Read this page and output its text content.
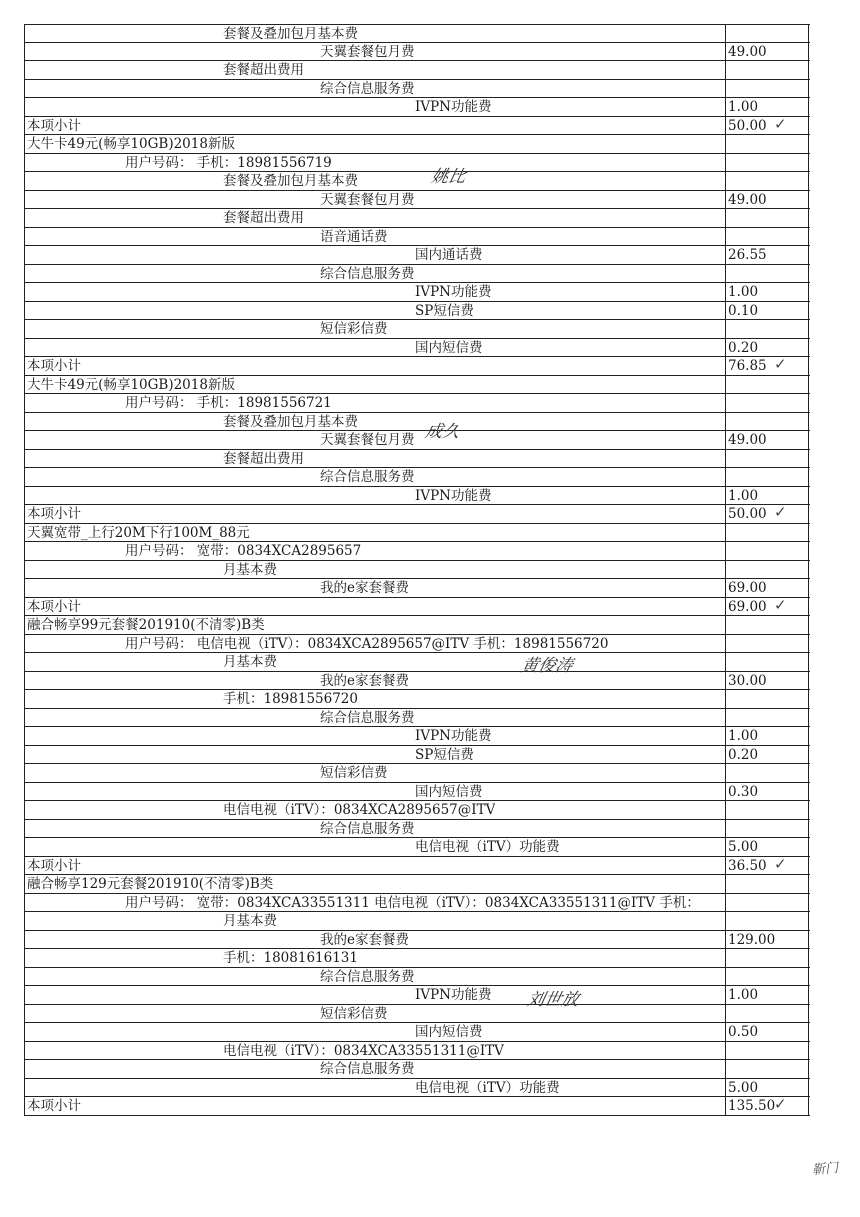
套餐及叠加包月基本费
天翼套餐包月费	49.00
套餐超出费用
综合信息服务费
IVPN功能费	1.00
本项小计	50.00 ✓
大牛卡49元(畅享10GB)2018新版
用户号码： 手机：18981556719
套餐及叠加包月基本费
天翼套餐包月费	49.00
套餐超出费用
语音通话费
国内通话费	26.55
综合信息服务费
IVPN功能费	1.00
SP短信费	0.10
短信彩信费
国内短信费	0.20
本项小计	76.85 ✓
大牛卡49元(畅享10GB)2018新版
用户号码： 手机：18981556721
套餐及叠加包月基本费
天翼套餐包月费	49.00
套餐超出费用
综合信息服务费
IVPN功能费	1.00
本项小计	50.00 ✓
天翼宽带_上行20M下行100M_88元
用户号码： 宽带：0834XCA2895657
月基本费
我的e家套餐费	69.00
本项小计	69.00 ✓
融合畅享99元套餐201910(不清零)B类
用户号码： 电信电视（iTV）：0834XCA2895657@ITV 手机：18981556720
月基本费
我的e家套餐费	30.00
手机：18981556720
综合信息服务费
IVPN功能费	1.00
SP短信费	0.20
短信彩信费
国内短信费	0.30
电信电视（iTV）：0834XCA2895657@ITV
综合信息服务费
电信电视（iTV）功能费	5.00
本项小计	36.50 ✓
融合畅享129元套餐201910(不清零)B类
用户号码： 宽带：0834XCA33551311 电信电视（iTV）：0834XCA33551311@ITV 手机：
月基本费
我的e家套餐费	129.00
手机：18081616131
综合信息服务费
IVPN功能费	1.00
短信彩信费
国内短信费	0.50
电信电视（iTV）：0834XCA33551311@ITV
综合信息服务费
电信电视（iTV）功能费	5.00
本项小计	135.50
✓
姚比
成久
黄俊涛
刘世放
靳门
